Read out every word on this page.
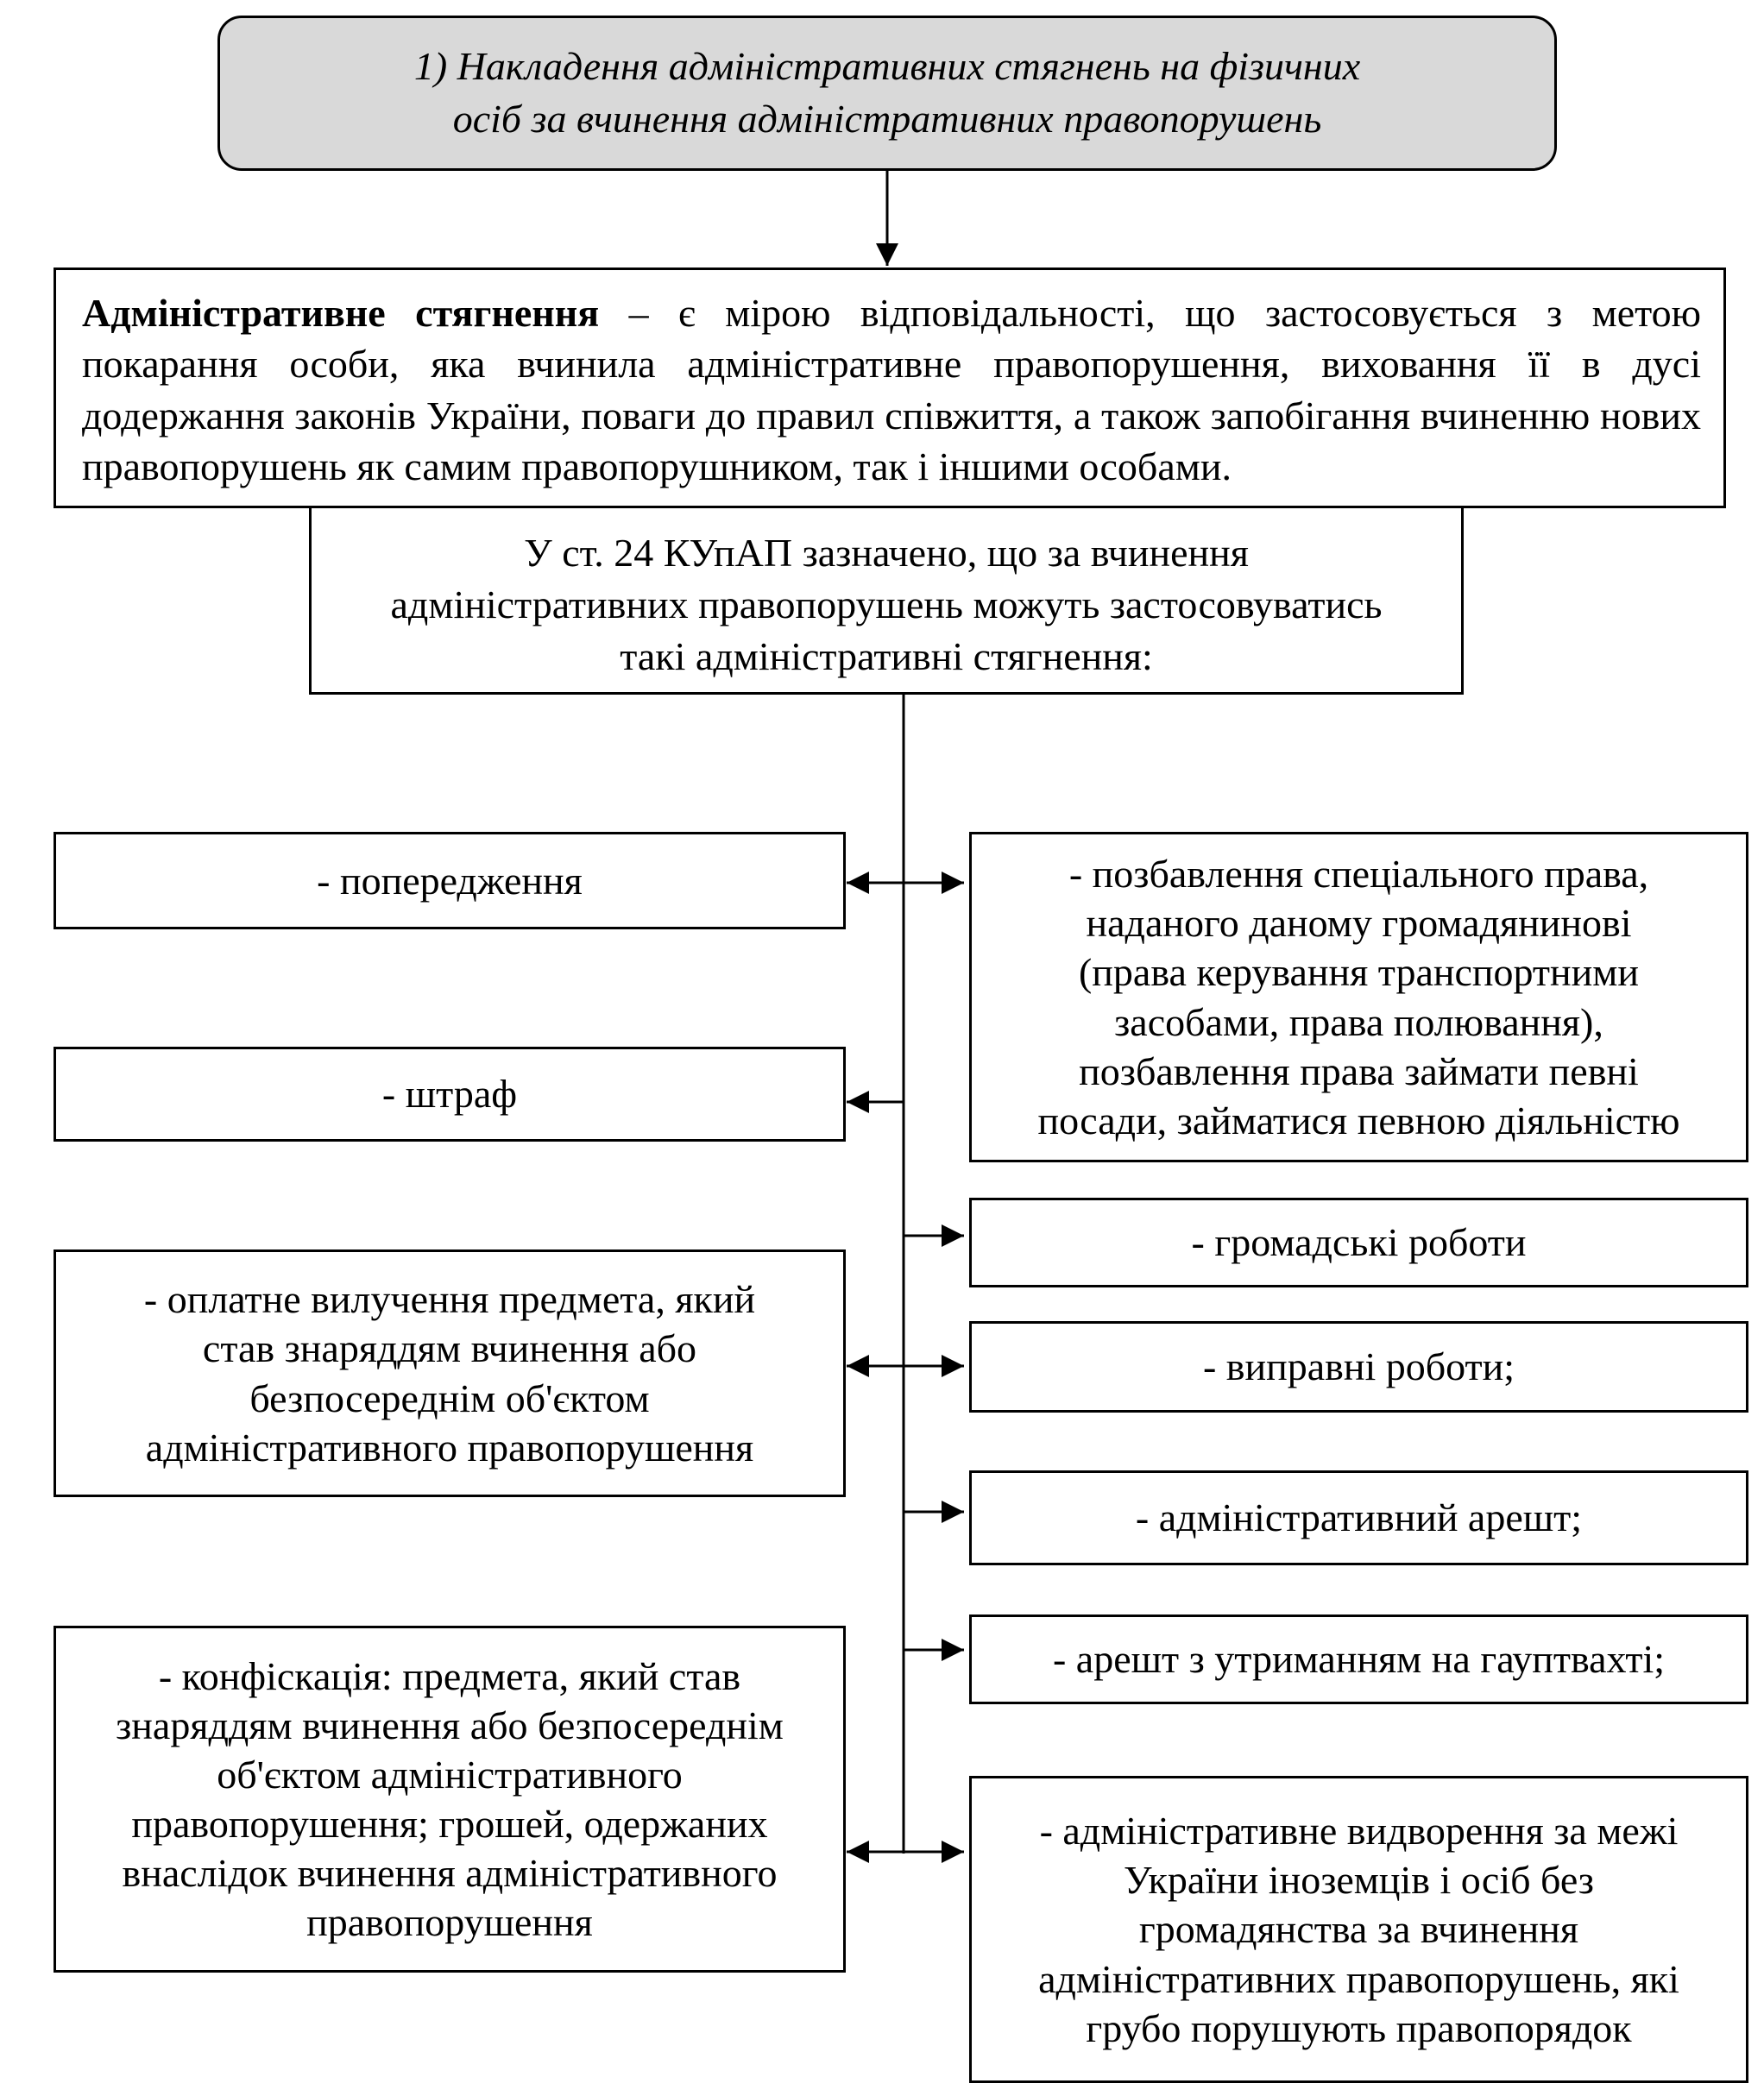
1) Накладення адміністративних стягнень на фізичних
осіб за вчинення адміністративних правопорушень
Адміністративне стягнення – є мірою відповідальності, що застосовується з метою покарання особи, яка вчинила адміністративне правопорушення, виховання її в дусі додержання законів України, поваги до правил співжиття, а також запобігання вчиненню нових правопорушень як самим правопорушником, так і іншими особами.
У ст. 24 КУпАП зазначено, що за вчинення
адміністративних правопорушень можуть застосовуватись
такі адміністративні стягнення:
- попередження
- штраф
- оплатне вилучення предмета, який
став знаряддям вчинення або
безпосереднім об'єктом
адміністративного правопорушення
- конфіскація: предмета, який став
знаряддям вчинення або безпосереднім
об'єктом адміністративного
правопорушення; грошей, одержаних
внаслідок вчинення адміністративного
правопорушення
- позбавлення спеціального права,
наданого даному громадянинові
(права керування транспортними
засобами, права полювання),
позбавлення права займати певні
посади, займатися певною діяльністю
- громадські роботи
- виправні роботи;
- адміністративний арешт;
- арешт з утриманням на гауптвахті;
- адміністративне видворення за межі
України іноземців і осіб без
громадянства за вчинення
адміністративних правопорушень, які
грубо порушують правопорядок
